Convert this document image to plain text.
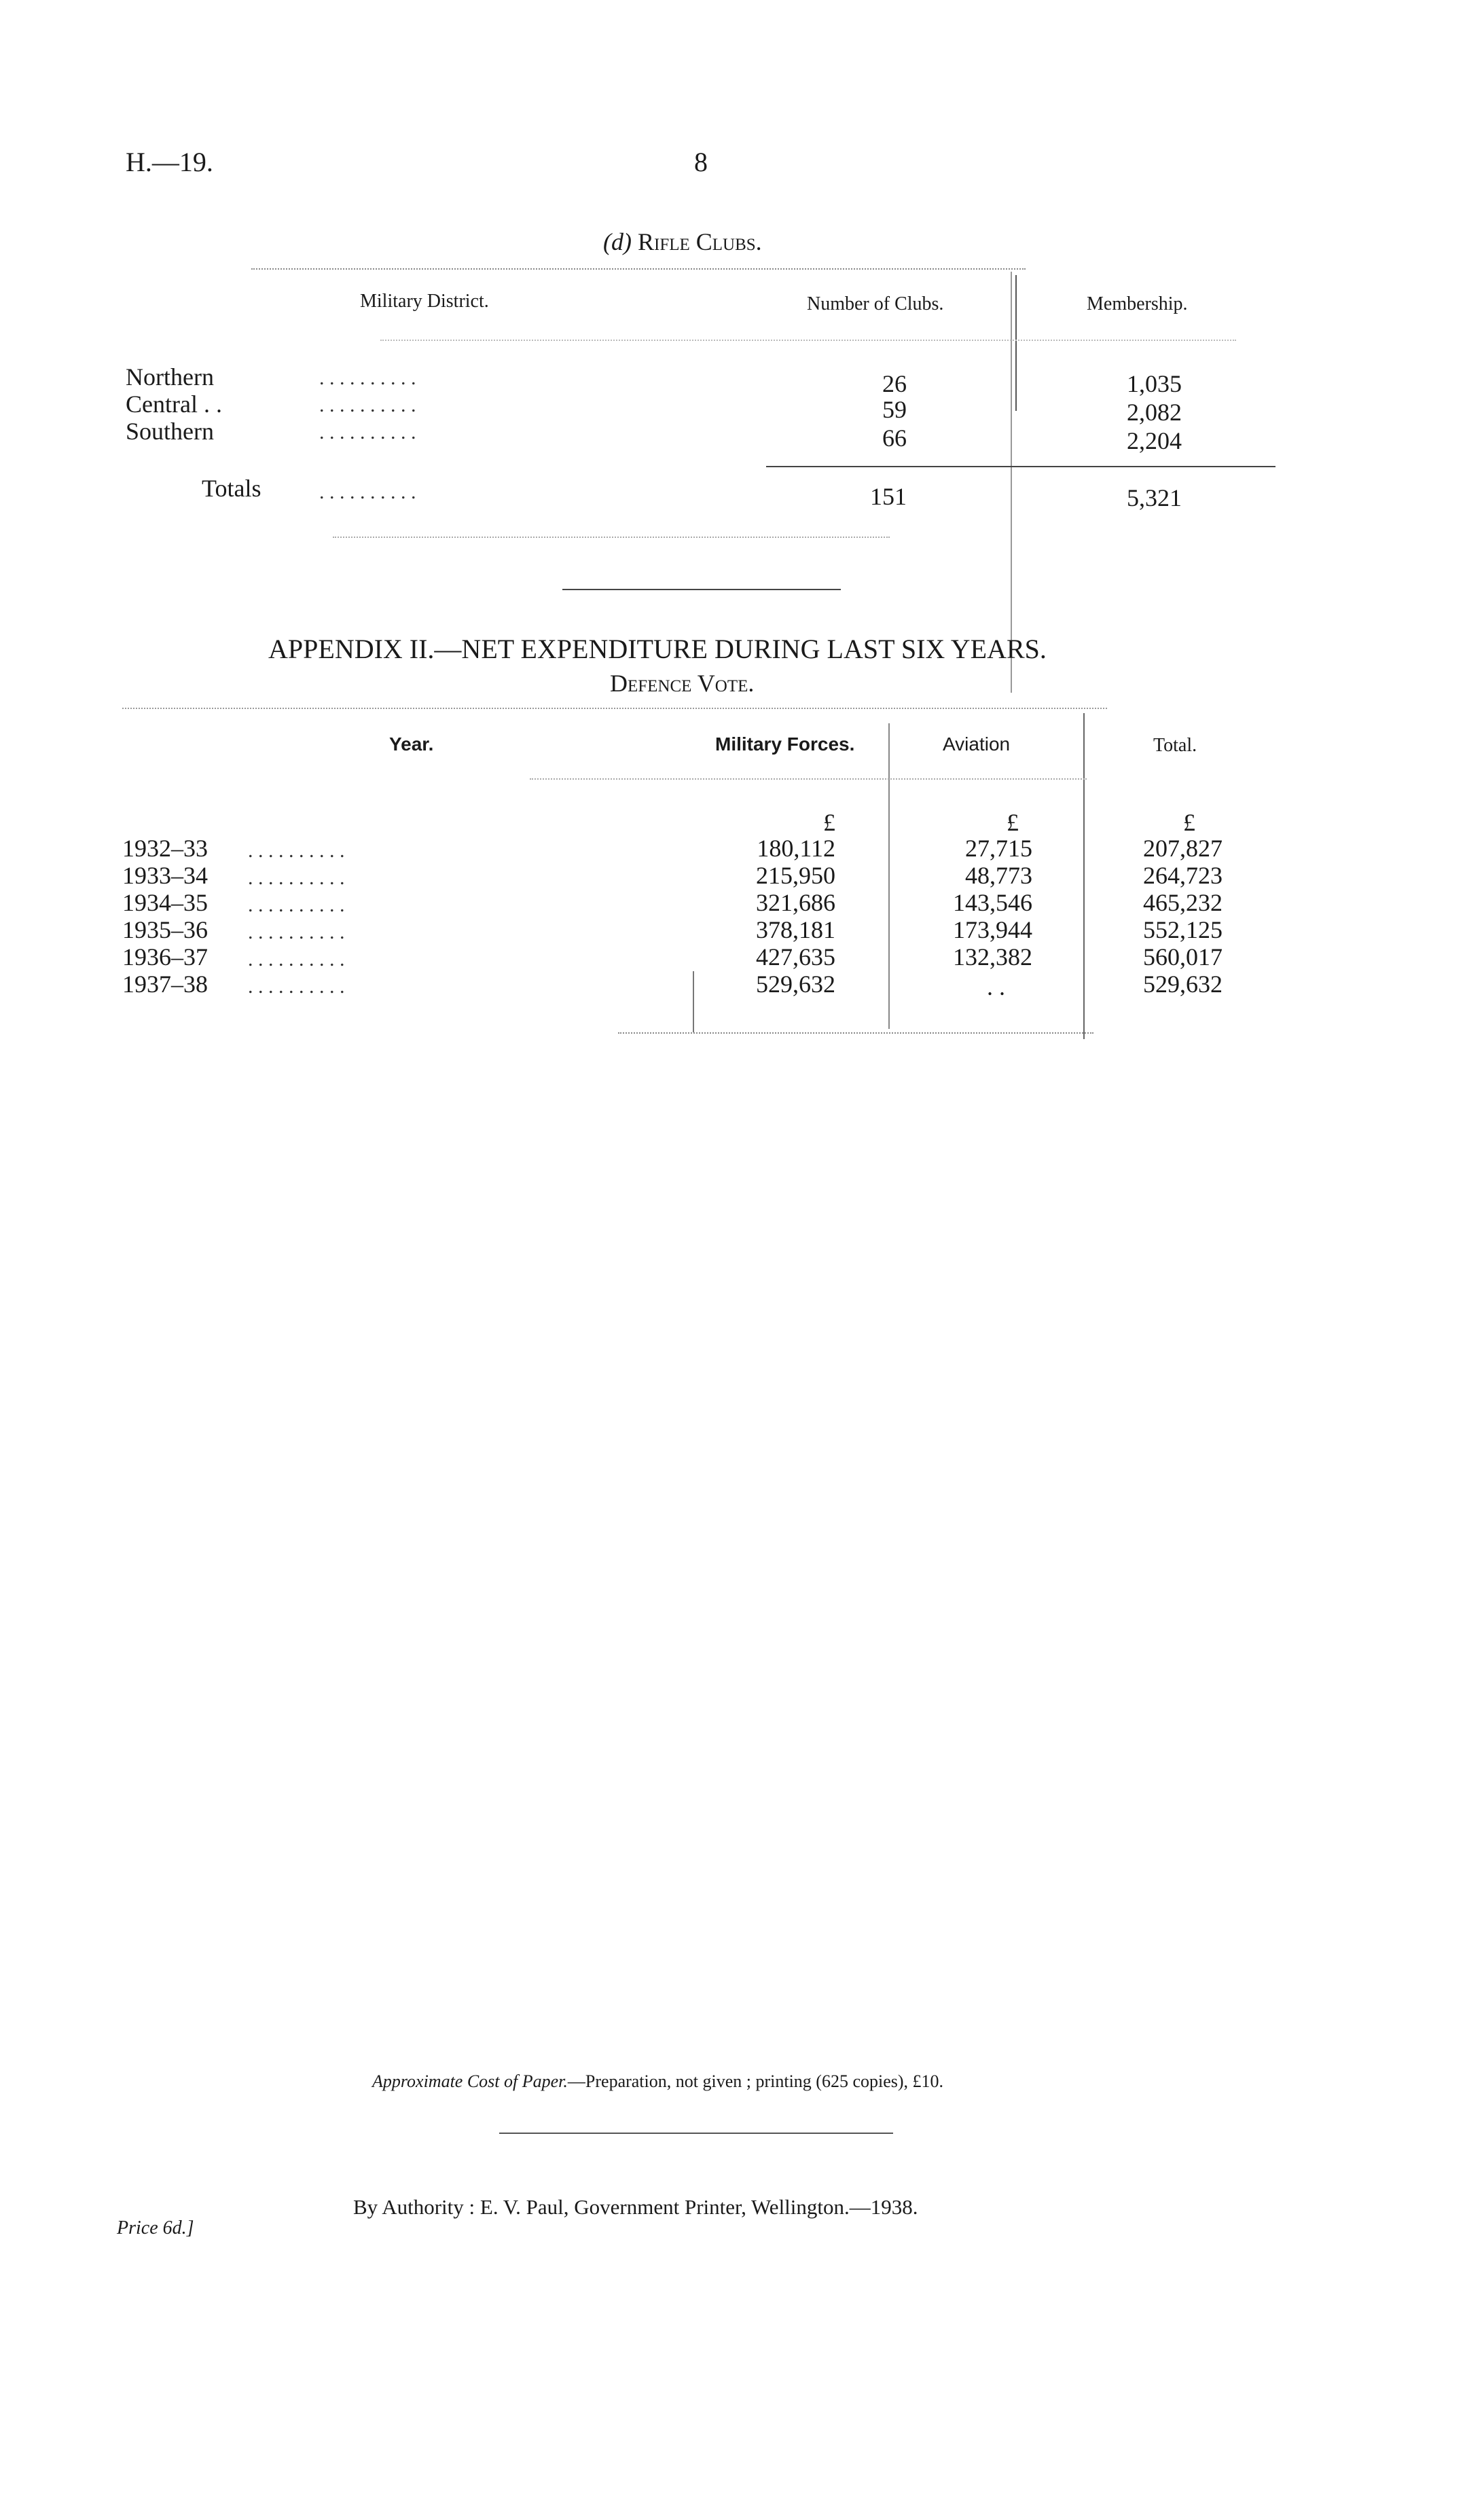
H.—19.	8
(d) Rifle Clubs.
Military District.	Number of Clubs.	Membership.
Northern	. . . . . . . . . .	26	1,035
Central . .	. . . . . . . . . .	59	2,082
Southern	. . . . . . . . . .	66	2,204
Totals	. . . . . . . . . .	151	5,321
APPENDIX II.—NET EXPENDITURE DURING LAST SIX YEARS.
Defence Vote.
Year.	Military Forces.	Aviation	Total.
£	£	£
1932–33 . . . . . . . . . .	180,112	27,715	207,827
1933–34 . . . . . . . . . .	215,950	48,773	264,723
1934–35 . . . . . . . . . .	321,686	143,546	465,232
1935–36 . . . . . . . . . .	378,181	173,944	552,125
1936–37 . . . . . . . . . .	427,635	132,382	560,017
1937–38 . . . . . . . . . .	529,632	. .	529,632
Approximate Cost of Paper.—Preparation, not given ; printing (625 copies), £10.
By Authority : E. V. Paul, Government Printer, Wellington.—1938.
Price 6d.]
